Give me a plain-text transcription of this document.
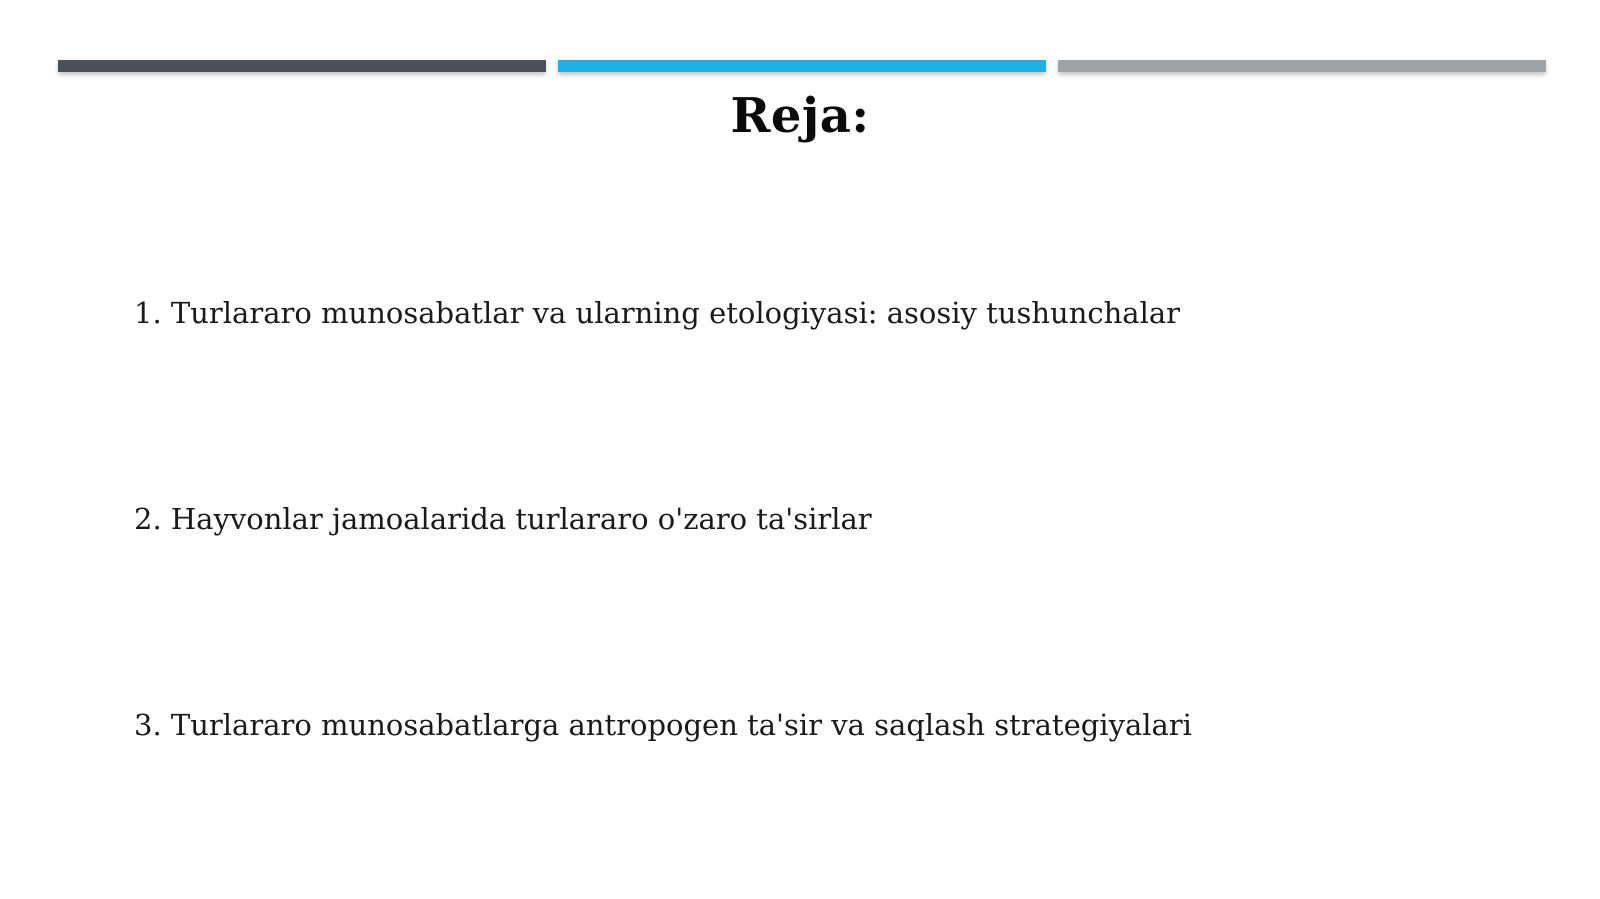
Reja:
1. Turlararo munosabatlar va ularning etologiyasi: asosiy tushunchalar
2. Hayvonlar jamoalarida turlararo o'zaro ta'sirlar
3. Turlararo munosabatlarga antropogen ta'sir va saqlash strategiyalari
